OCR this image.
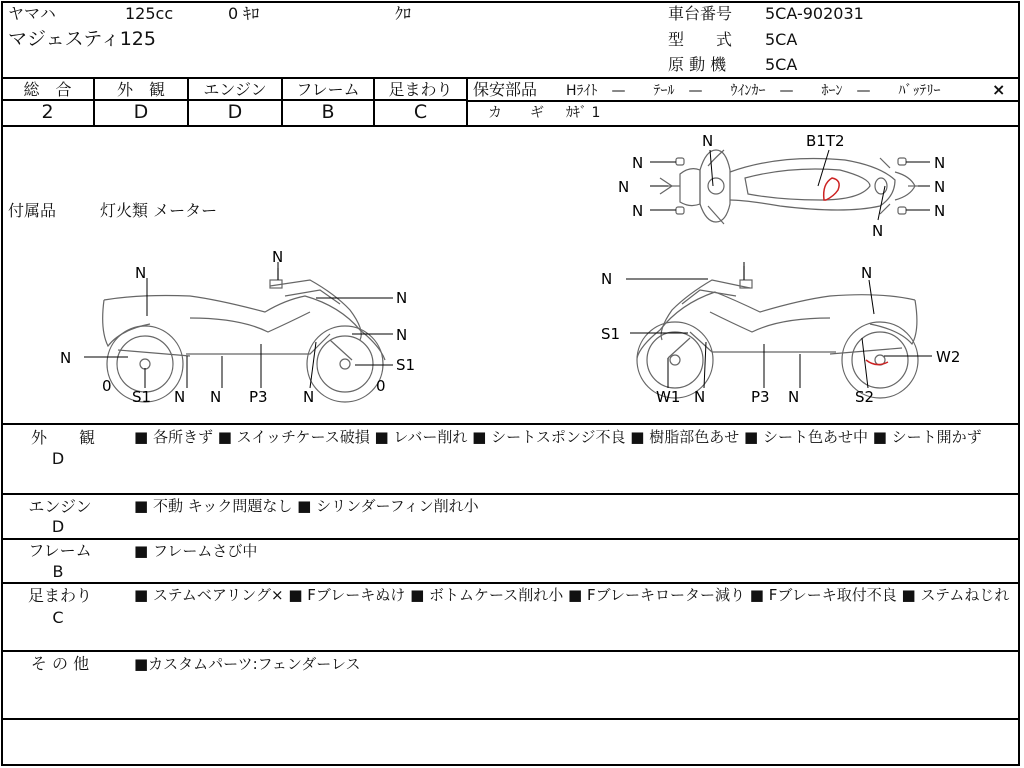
ヤマハ	125cc	0 ｷﾛ	ｸﾛ
マジェスティ125
車台番号 5CA-902031
型　　式 5CA
原 動 機 5CA
総　合	外　観	エンジン	フレーム	足まわり
2	D	D	B	C
保安部品 Hﾗｲﾄ　—　　ﾃｰﾙ　—　　ｳｲﾝｶｰ　—　　ﾎｰﾝ　—　　ﾊﾞｯﾃﾘｰ	×
カ　　ギ ｶｷﾞ 1
付属品	灯火類 メーター
N
N
N
N	B1T2
N
N
N
N
N
N
N
N
N	S1
0	0
S1 N N P3 N
N	N
S1
W2
W1 N	P3 N	S2
外　　観
D
■ 各所きず ■ スイッチケース破損 ■ レバー削れ ■ シートスポンジ不良 ■ 樹脂部色あせ ■ シート色あせ中 ■ シート開かず
エンジン
D
■ 不動 キック問題なし ■ シリンダーフィン削れ小
フレーム
B
■ フレームさび中
足まわり
C
■ ステムベアリング× ■ Fブレーキぬけ ■ ボトムケース削れ小 ■ Fブレーキローター減り ■ Fブレーキ取付不良 ■ ステムねじれ
そ の 他	■カスタムパーツ:フェンダーレス
